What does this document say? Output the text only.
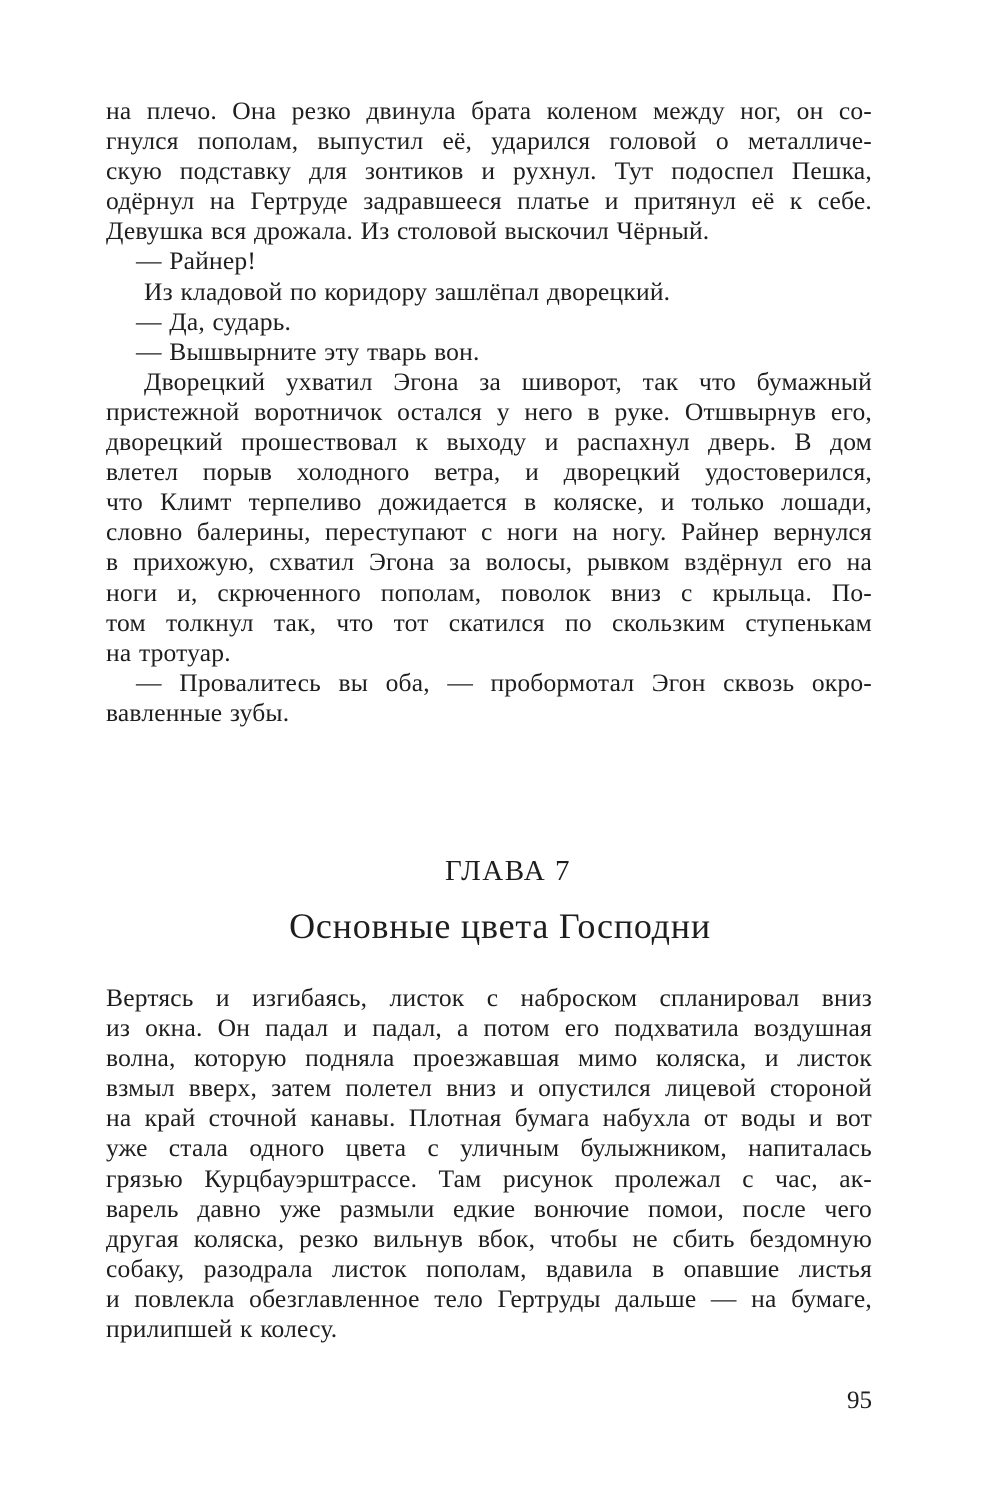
на плечо. Она резко двинула брата коленом между ног, он со-
гнулся пополам, выпустил её, ударился головой о металличе-
скую подставку для зонтиков и рухнул. Тут подоспел Пешка,
одёрнул на Гертруде задравшееся платье и притянул её к себе.
Девушка вся дрожала. Из столовой выскочил Чёрный.
— Райнер!
Из кладовой по коридору зашлёпал дворецкий.
— Да, сударь.
— Вышвырните эту тварь вон.
Дворецкий ухватил Эгона за шиворот, так что бумажный
пристежной воротничок остался у него в руке. Отшвырнув его,
дворецкий прошествовал к выходу и распахнул дверь. В дом
влетел порыв холодного ветра, и дворецкий удостоверился,
что Климт терпеливо дожидается в коляске, и только лошади,
словно балерины, переступают с ноги на ногу. Райнер вернулся
в прихожую, схватил Эгона за волосы, рывком вздёрнул его на
ноги и, скрюченного пополам, поволок вниз с крыльца. По-
том толкнул так, что тот скатился по скользким ступенькам
на тротуар.
— Провалитесь вы оба, — пробормотал Эгон сквозь окро-
вавленные зубы.
ГЛАВА 7
Основные цвета Господни
Вертясь и изгибаясь, листок с наброском спланировал вниз
из окна. Он падал и падал, а потом его подхватила воздушная
волна, которую подняла проезжавшая мимо коляска, и листок
взмыл вверх, затем полетел вниз и опустился лицевой стороной
на край сточной канавы. Плотная бумага набухла от воды и вот
уже стала одного цвета с уличным булыжником, напиталась
грязью Курцбауэрштрассе. Там рисунок пролежал с час, ак-
варель давно уже размыли едкие вонючие помои, после чего
другая коляска, резко вильнув вбок, чтобы не сбить бездомную
собаку, разодрала листок пополам, вдавила в опавшие листья
и повлекла обезглавленное тело Гертруды дальше — на бумаге,
прилипшей к колесу.
95
